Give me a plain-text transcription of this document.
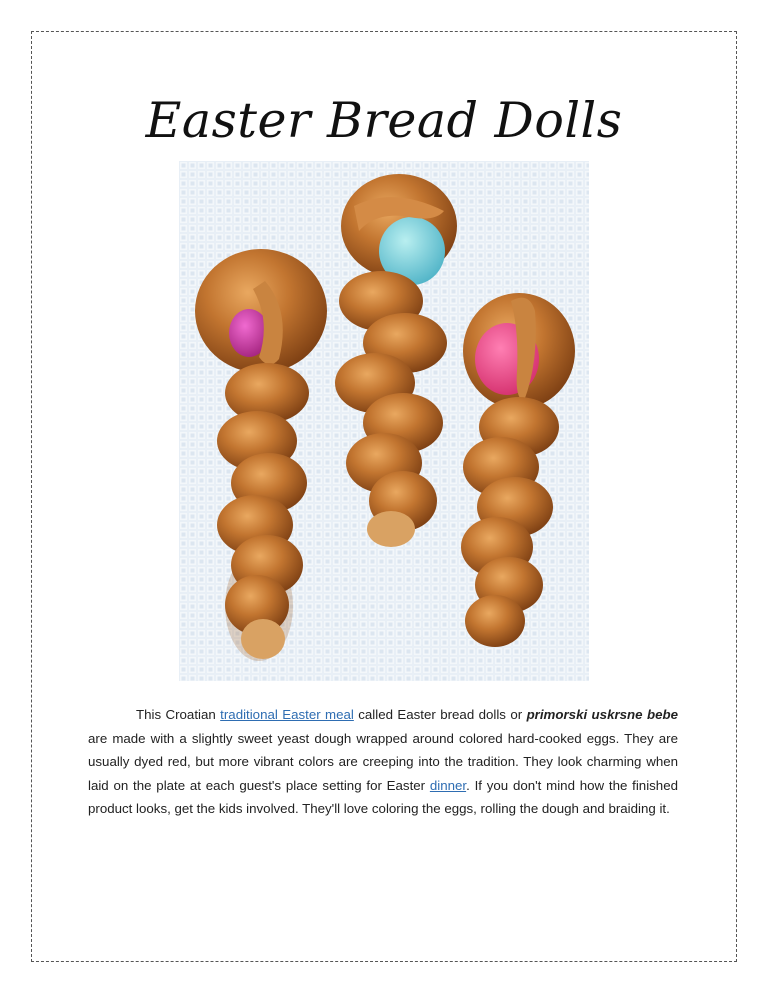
Easter Bread Dolls

This Croatian traditional Easter meal called Easter bread dolls or primorski uskrsne bebe are made with a slightly sweet yeast dough wrapped around colored hard-cooked eggs. They are usually dyed red, but more vibrant colors are creeping into the tradition. They look charming when laid on the plate at each guest's place setting for Easter dinner. If you don't mind how the finished product looks, get the kids involved. They'll love coloring the eggs, rolling the dough and braiding it.
